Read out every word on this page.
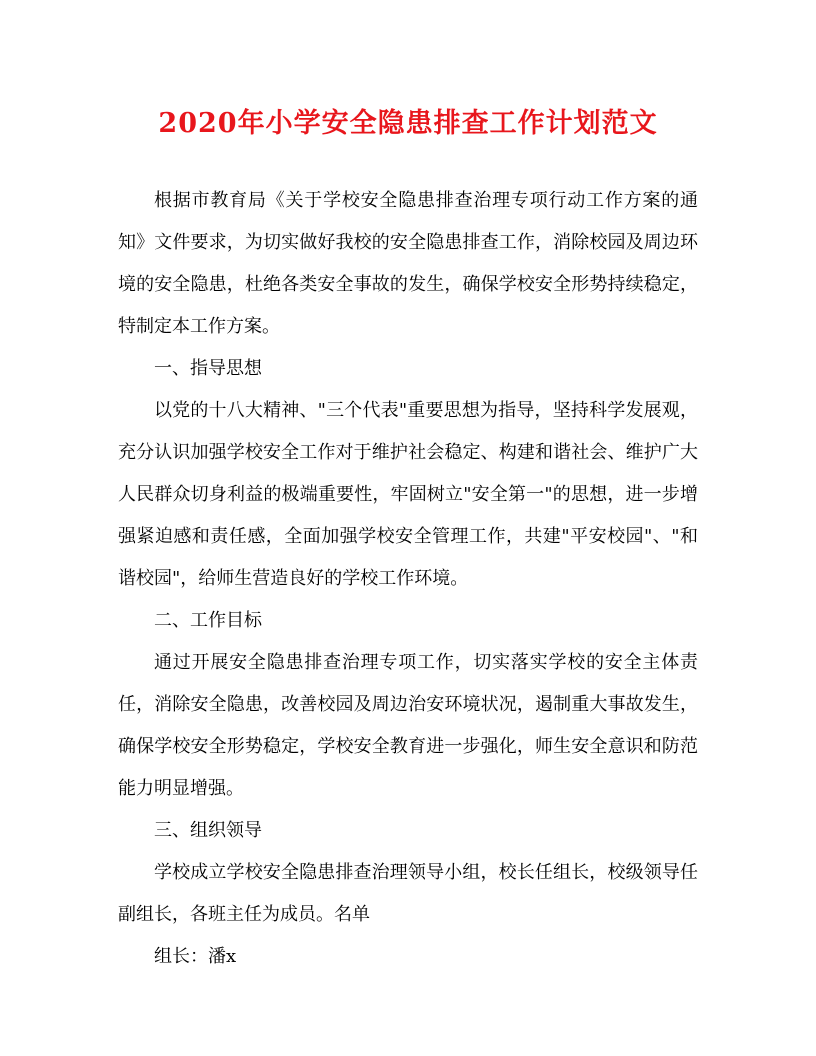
2020年小学安全隐患排查工作计划范文

根据市教育局《关于学校安全隐患排查治理专项行动工作方案的通知》文件要求，为切实做好我校的安全隐患排查工作，消除校园及周边环境的安全隐患，杜绝各类安全事故的发生，确保学校安全形势持续稳定，特制定本工作方案。

一、指导思想

以党的十八大精神、"三个代表"重要思想为指导，坚持科学发展观，充分认识加强学校安全工作对于维护社会稳定、构建和谐社会、维护广大人民群众切身利益的极端重要性，牢固树立"安全第一"的思想，进一步增强紧迫感和责任感，全面加强学校安全管理工作，共建"平安校园"、"和谐校园"，给师生营造良好的学校工作环境。

二、工作目标

通过开展安全隐患排查治理专项工作，切实落实学校的安全主体责任，消除安全隐患，改善校园及周边治安环境状况，遏制重大事故发生，确保学校安全形势稳定，学校安全教育进一步强化，师生安全意识和防范能力明显增强。

三、组织领导

学校成立学校安全隐患排查治理领导小组，校长任组长，校级领导任副组长，各班主任为成员。名单

组长：潘x
